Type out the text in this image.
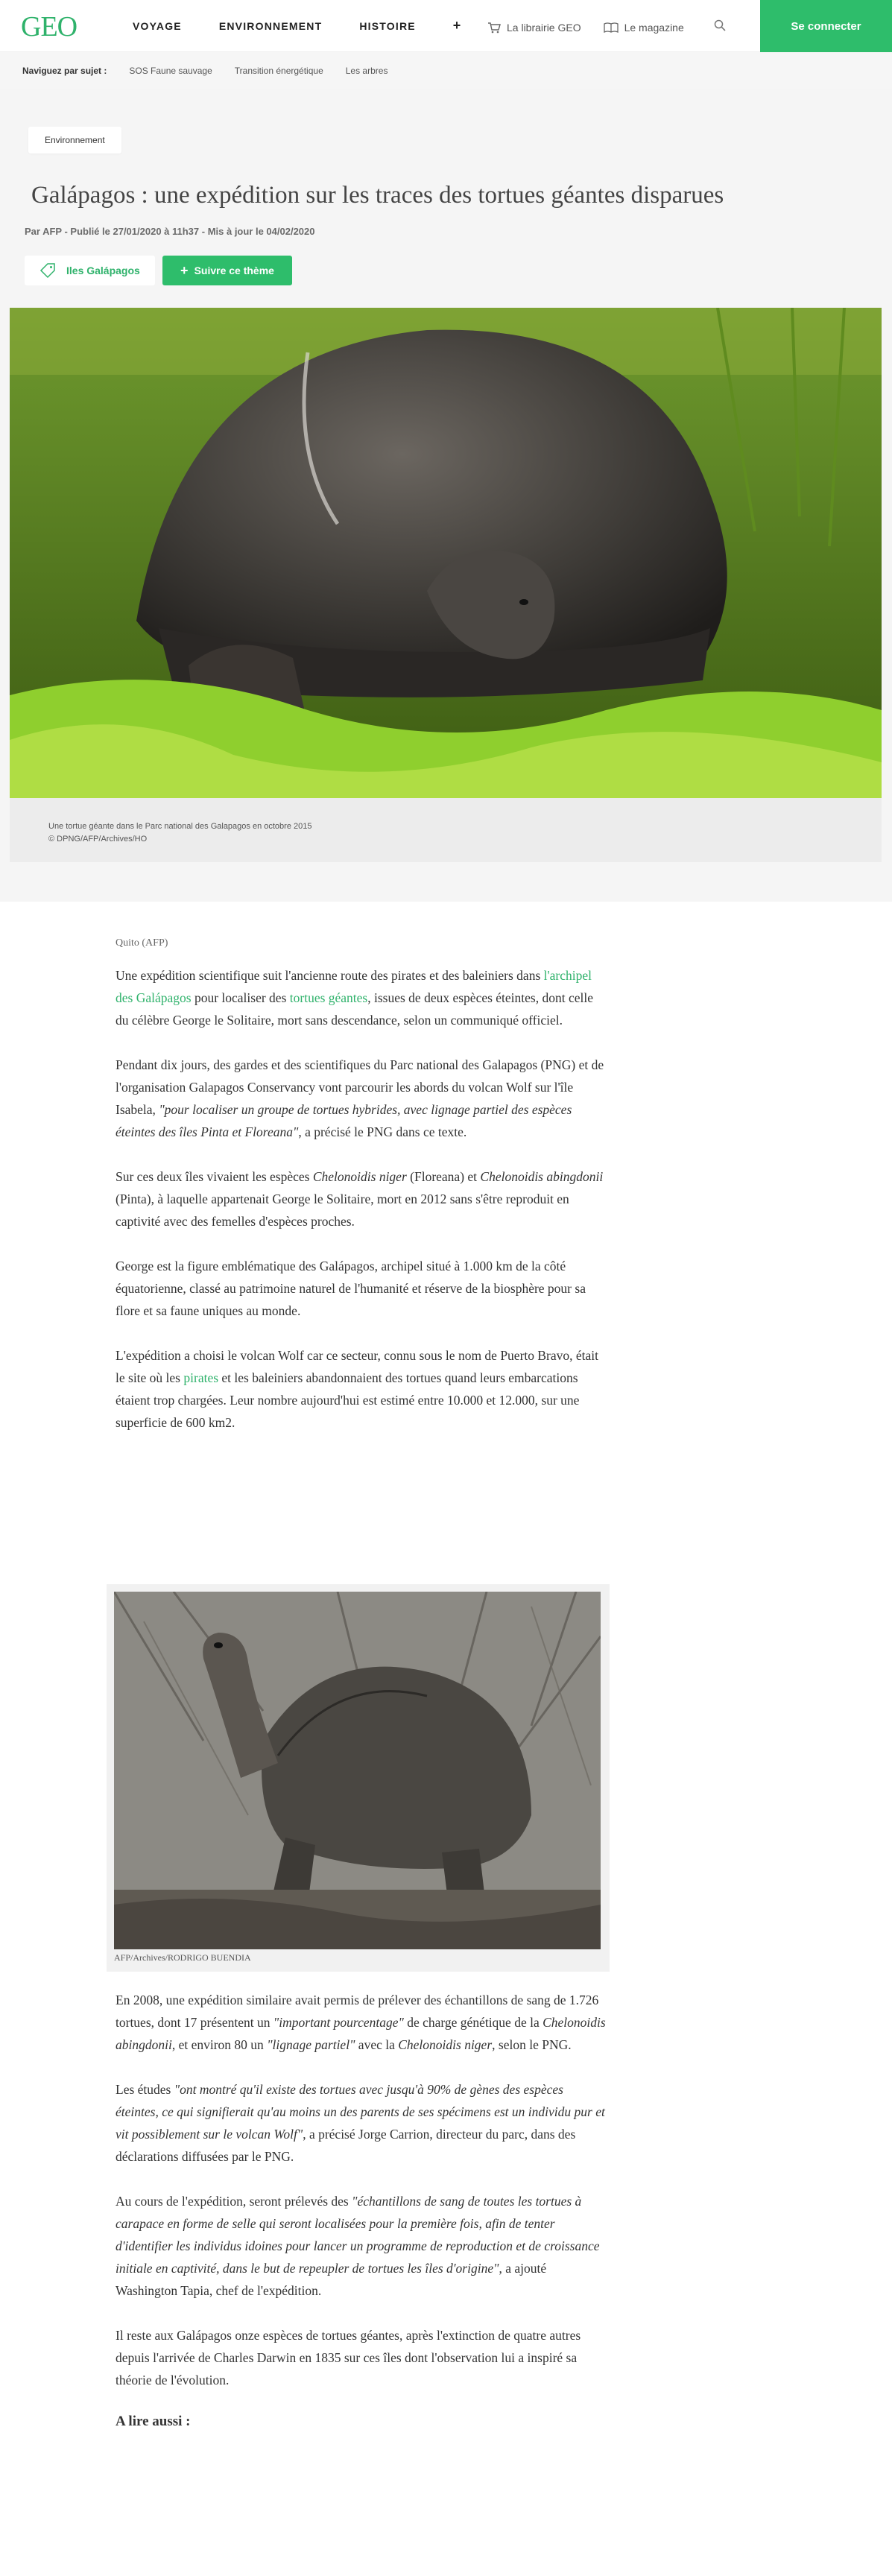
GEO	VOYAGE	ENVIRONNEMENT	HISTOIRE	+	La librairie GEO	Le magazine	Se connecter
Naviguez par sujet :	SOS Faune sauvage	Transition énergétique	Les arbres
Environnement
Galápagos : une expédition sur les traces des tortues géantes disparues
Par AFP - Publié le 27/01/2020 à 11h37 - Mis à jour le 04/02/2020
Iles Galápagos	+ Suivre ce thème
Une tortue géante dans le Parc national des Galapagos en octobre 2015
© DPNG/AFP/Archives/HO
Quito (AFP)

Une expédition scientifique suit l'ancienne route des pirates et des baleiniers dans l'archipel des Galápagos pour localiser des tortues géantes, issues de deux espèces éteintes, dont celle du célèbre George le Solitaire, mort sans descendance, selon un communiqué officiel.

Pendant dix jours, des gardes et des scientifiques du Parc national des Galapagos (PNG) et de l'organisation Galapagos Conservancy vont parcourir les abords du volcan Wolf sur l'île Isabela, "pour localiser un groupe de tortues hybrides, avec lignage partiel des espèces éteintes des îles Pinta et Floreana", a précisé le PNG dans ce texte.

Sur ces deux îles vivaient les espèces Chelonoidis niger (Floreana) et Chelonoidis abingdonii (Pinta), à laquelle appartenait George le Solitaire, mort en 2012 sans s'être reproduit en captivité avec des femelles d'espèces proches.

George est la figure emblématique des Galápagos, archipel situé à 1.000 km de la côté équatorienne, classé au patrimoine naturel de l'humanité et réserve de la biosphère pour sa flore et sa faune uniques au monde.

L'expédition a choisi le volcan Wolf car ce secteur, connu sous le nom de Puerto Bravo, était le site où les pirates et les baleiniers abandonnaient des tortues quand leurs embarcations étaient trop chargées. Leur nombre aujourd'hui est estimé entre 10.000 et 12.000, sur une superficie de 600 km2.

AFP/Archives/RODRIGO BUENDIA

En 2008, une expédition similaire avait permis de prélever des échantillons de sang de 1.726 tortues, dont 17 présentent un "important pourcentage" de charge génétique de la Chelonoidis abingdonii, et environ 80 un "lignage partiel" avec la Chelonoidis niger, selon le PNG.

Les études "ont montré qu'il existe des tortues avec jusqu'à 90% de gènes des espèces éteintes, ce qui signifierait qu'au moins un des parents de ses spécimens est un individu pur et vit possiblement sur le volcan Wolf", a précisé Jorge Carrion, directeur du parc, dans des déclarations diffusées par le PNG.

Au cours de l'expédition, seront prélevés des "échantillons de sang de toutes les tortues à carapace en forme de selle qui seront localisées pour la première fois, afin de tenter d'identifier les individus idoines pour lancer un programme de reproduction et de croissance initiale en captivité, dans le but de repeupler de tortues les îles d'origine", a ajouté Washington Tapia, chef de l'expédition.

Il reste aux Galápagos onze espèces de tortues géantes, après l'extinction de quatre autres depuis l'arrivée de Charles Darwin en 1835 sur ces îles dont l'observation lui a inspiré sa théorie de l'évolution.

A lire aussi :
